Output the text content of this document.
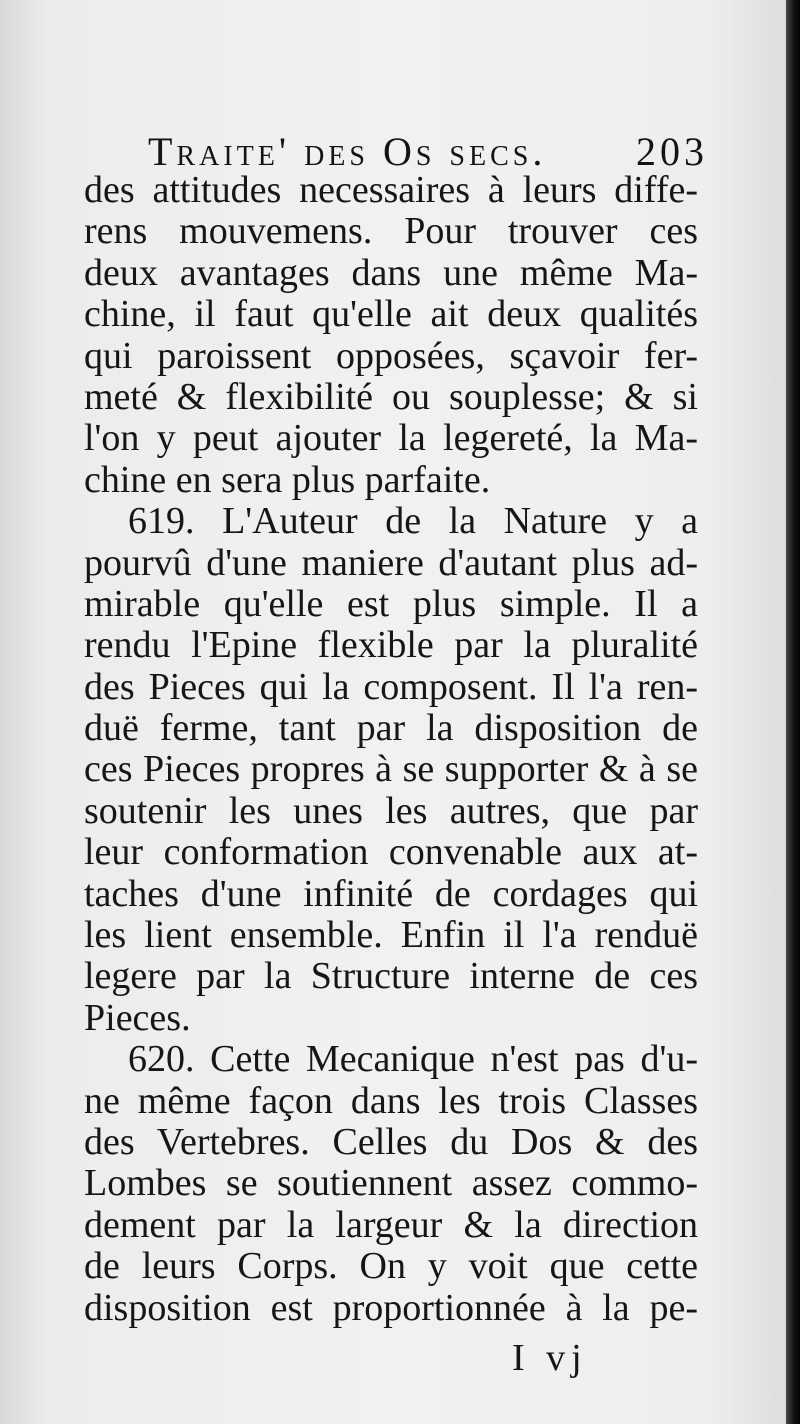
Traite' des Os secs. 203
des attitudes necessaires à leurs diffe-
rens mouvemens. Pour trouver ces
deux avantages dans une même Ma-
chine, il faut qu'elle ait deux qualités
qui paroissent opposées, sçavoir fer-
meté & flexibilité ou souplesse; & si
l'on y peut ajouter la legereté, la Ma-
chine en sera plus parfaite.
619. L'Auteur de la Nature y a
pourvû d'une maniere d'autant plus ad-
mirable qu'elle est plus simple. Il a
rendu l'Epine flexible par la pluralité
des Pieces qui la composent. Il l'a ren-
duë ferme, tant par la disposition de
ces Pieces propres à se supporter & à se
soutenir les unes les autres, que par
leur conformation convenable aux at-
taches d'une infinité de cordages qui
les lient ensemble. Enfin il l'a renduë
legere par la Structure interne de ces
Pieces.
620. Cette Mecanique n'est pas d'u-
ne même façon dans les trois Classes
des Vertebres. Celles du Dos & des
Lombes se soutiennent assez commo-
dement par la largeur & la direction
de leurs Corps. On y voit que cette
disposition est proportionnée à la pe-
I vj
